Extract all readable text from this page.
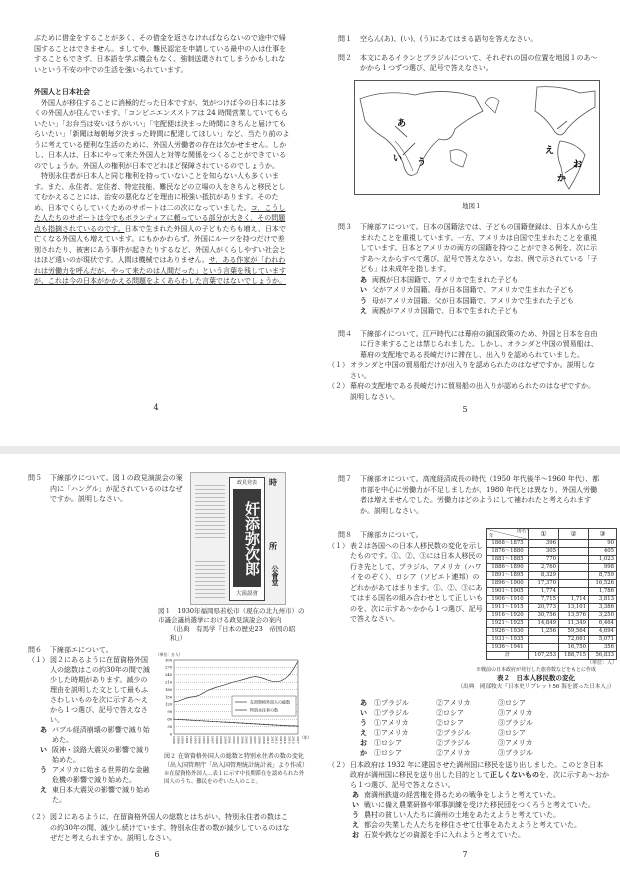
ぶために借金をすることが多く、その借金を返さなければならないので途中で帰国することはできません。ましてや、難民認定を申請している最中の人は仕事をすることもできず、日本語を学ぶ機会もなく、強制送還されてしまうかもしれないという不安の中での生活を強いられています。

外国人と日本社会

外国人が移住することに消極的だった日本ですが、気がつけば今の日本には多くの外国人が住んでいます。「コンビニエンスストアは 24 時間営業していてもらいたい」「お弁当は安いほうがいい」「宅配便は決まった時間にきちんと届けてもらいたい」「新聞は毎朝毎夕決まった時間に配達してほしい」など、当たり前のように考えている便利な生活のために、外国人労働者の存在は欠かせません。しかし、日本人は、日本にやって来た外国人と対等な関係をつくることができているのでしょうか。外国人の権利が日本でどれほど保障されているのでしょうか。

特別永住者が日本人と同じ権利を持っていないことを知らない人も多くいます。また、永住者、定住者、特定技能、難民などの立場の人をきちんと移民としてむかえることには、治安の悪化などを理由に根強い抵抗があります。そのため、日本でくらしていくためのサポートは二の次になっていました。コ．こうした人たちのサポートは今でもボランティアに頼っている部分が大きく、その問題点も指摘されているのです。日本で生まれた外国人の子どもたちも増え、日本で亡くなる外国人も増えています。にもかかわらず、外国にルーツを持つだけで差別されたり、被害にあう事件が起きたりするなど、外国人がくらしやすい社会とはほど遠いのが現状です。人間は機械ではありません。サ．ある作家が「われわれは労働力を呼んだが、やって来たのは人間だった」という言葉を残していますが、これは今の日本がかかえる問題をよくあらわした言葉ではないでしょうか。

4
問１	空らん(あ)、(い)、(う)にあてはまる語句を答えなさい。
問２	本文にあるイランとブラジルについて、それぞれの国の位置を地図１のあ～かから１つずつ選び、記号で答えなさい。
あ
い う
え
お
か
地図１
問３	下線部アについて。日本の国籍法では、子どもの国籍登録は、日本人から生まれたことを重視しています。一方、アメリカは自国で生まれたことを重視しています。日本とアメリカの両方の国籍を持つことができる例を、次に示すあ～えからすべて選び、記号で答えなさい。なお、例で示されている「子ども」は未成年を指します。
あ 両親が日本国籍で、アメリカで生まれた子ども
い 父がアメリカ国籍、母が日本国籍で、アメリカで生まれた子ども
う 母がアメリカ国籍、父が日本国籍で、アメリカで生まれた子ども
え 両親がアメリカ国籍で、日本で生まれた子ども
問４	下線部イについて。江戸時代には幕府の鎖国政策のため、外国と日本を自由に行き来することは禁じられました。しかし、オランダと中国の貿易船は、幕府の支配地である長崎だけに滞在し、出入りを認められていました。
（１） オランダと中国の貿易船だけが出入りを認められたのはなぜですか。説明しなさい。
（２） 幕府の支配地である長崎だけに貿易船の出入りが認められたのはなぜですか。説明しなさい。
5
問５	下線部ウについて。図１の政見演説会の案内に「ハングル」が記されているのはなぜですか。説明しなさい。
政見発表
奸添弥次郎
大演説會
時
所
公會堂
図１　1930年福岡県若松市（現在の北九州市）の市議会議員選挙における政見演説会の案内
（出典　有馬学『日本の歴史23　帝国の昭和』）
問６	下線部エについて。
（１） 図２にあるように在留資格外国人の総数はこの約30年の間で減少した時期があります。減少の理由を説明した文として最もふさわしいものを次に示すあ～えから１つ選び、記号で答えなさい。
あ バブル経済崩壊の影響で減り始めた。
い 阪神・淡路大震災の影響で減り始めた。
う アメリカに始まる世界的な金融危機の影響で減り始めた。
え 東日本大震災の影響で減り始めた。
0
30
60
90
120
150
180
210
240
270
300
1988 1989 1990 1991 1992 1993 1994 1995 1996 1997 1998 1999 2000 2001 2002 2003 2004 2005 2006 2007 2008 2009 2010 2011 2012 2013 2014 2015 2016 2017
（単位：万人）
（年）
在留資格外国人の総数
特別永住者の数
図２ 在留資格外国人の総数と特別永住者の数の変化
（出入国管理庁「出入国管理統計統計表」より作成）
※在留資格外国人…表１に示す中長期滞在を認められた外国人のうち、難民をのぞいた人のこと。
（２） 図２にあるように、在留資格外国人の総数とはちがい、特別永住者の数はこの約30年の間、減少し続けています。特別永住者の数が減少しているのはなぜだと考えられますか。説明しなさい。
6
問７	下線部オについて。高度経済成長の時代（1950 年代後半～1960 年代）、都市部を中心に労働力が不足しましたが、1980 年代とは異なり、外国人労働者は増えませんでした。労働力はどのようにして補われたと考えられますか。説明しなさい。
問８	下線部カについて。
（１） 表２は各国への日本人移民数の変化を示したものです。①、②、③には日本人移民の行き先として、ブラジル、アメリカ（ハワイをのぞく）、ロシア（ソビエト連邦）のどれかがあてはまります。①、②、③にあてはまる国名の組み合わせとして正しいものを、次に示すあ～かから１つ選び、記号で答えなさい。
国名
年	①	②	③
1868～1875	396		90
1876～1880	305		405
1881～1885	770		1,023
1886～1890	2,760		998
1891～1895	8,329		8,759
1896～1900	17,370		16,526
1901～1905	1,774		1,786
1906～1910	7,715	1,714	3,813
1911～1915	20,773	13,101	3,386
1916～1920	30,756	13,576	3,250
1921～1925	14,849	11,349	6,464
1926～1930	1,256	59,564	4,694
1931～1935		72,661	5,071
1936～1941		16,750	356
計	107,253	188,715	56,833
（単位：人）
※戦前の日本政府が発行した旅券数などをもとに作成
表２　日本人移民数の変化
（出典　岡部牧夫『日本史リブレット56 海を渡った日本人』）
あ	①ブラジル	②アメリカ	③ロシア
い	①ブラジル	②ロシア	③アメリカ
う	①アメリカ	②ロシア	③ブラジル
え	①アメリカ	②ブラジル	③ロシア
お	①ロシア	②ブラジル	③アメリカ
か	①ロシア	②アメリカ	③ブラジル
（２） 日本政府は 1932 年に建国させた満州国に移民を送り出しました。このとき日本政府が満州国に移民を送り出した目的として正しくないものを、次に示すあ～おから１つ選び、記号で答えなさい。
あ 南満州鉄道の経営権を得るための戦争をしようと考えていた。
い 戦いに備え農業研修や軍事訓練を受けた移民団をつくろうと考えていた。
う 農村の貧しい人たちに満州の土地をあたえようと考えていた。
え 都会の失業した人たちを移住させて仕事をあたえようと考えていた。
お 石炭や鉄などの資源を手に入れようと考えていた。
7
